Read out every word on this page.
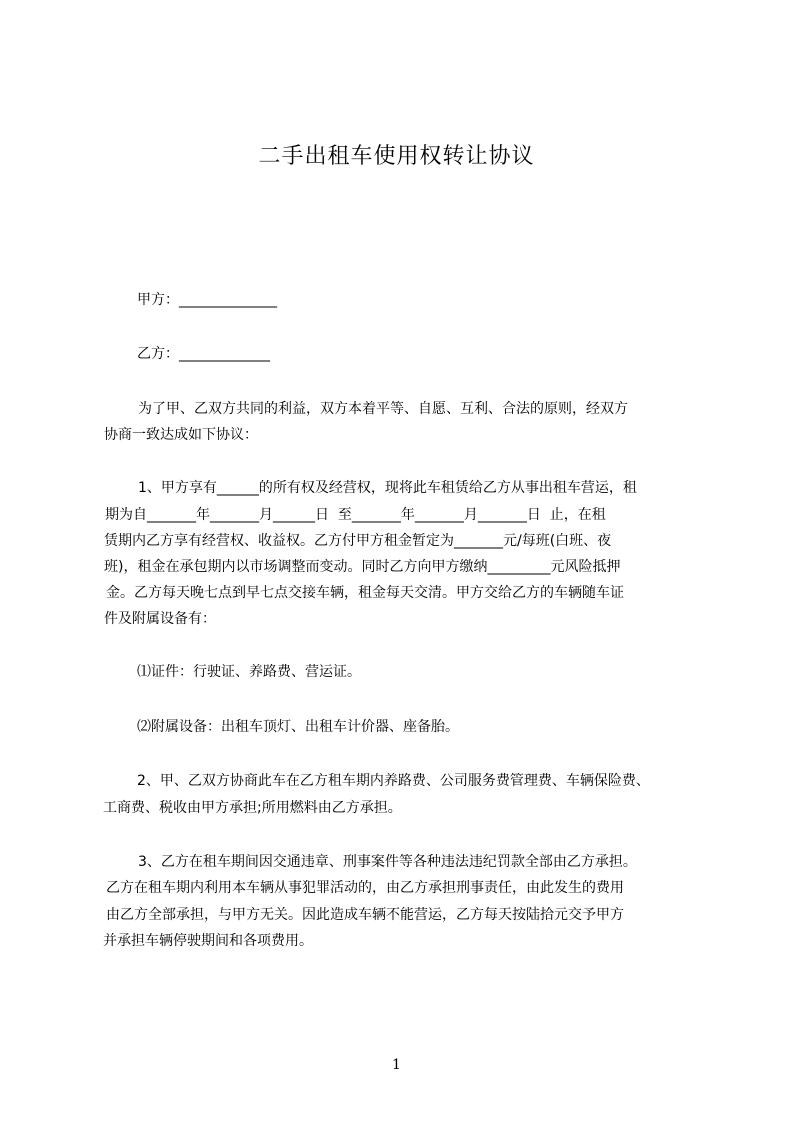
二手出租车使用权转让协议
甲方：______________
乙方：_____________
为了甲、乙双方共同的利益，双方本着平等、自愿、互利、合法的原则，经双方
协商一致达成如下协议：
1、甲方享有______的所有权及经营权，现将此车租赁给乙方从事出租车营运，租
期为自_______年_______月______日  至_______年_______月_______日  止，在租
赁期内乙方享有经营权、收益权。乙方付甲方租金暂定为_______元/每班(白班、夜
班)，租金在承包期内以市场调整而变动。同时乙方向甲方缴纳_________元风险抵押
金。乙方每天晚七点到早七点交接车辆，租金每天交清。甲方交给乙方的车辆随车证
件及附属设备有：
⑴证件：行驶证、养路费、营运证。
⑵附属设备：出租车顶灯、出租车计价器、座备胎。
2、甲、乙双方协商此车在乙方租车期内养路费、公司服务费管理费、车辆保险费、
工商费、税收由甲方承担;所用燃料由乙方承担。
3、乙方在租车期间因交通违章、刑事案件等各种违法违纪罚款全部由乙方承担。
乙方在租车期内利用本车辆从事犯罪活动的，由乙方承担刑事责任，由此发生的费用
由乙方全部承担，与甲方无关。因此造成车辆不能营运，乙方每天按陆拾元交予甲方
并承担车辆停驶期间和各项费用。
1
